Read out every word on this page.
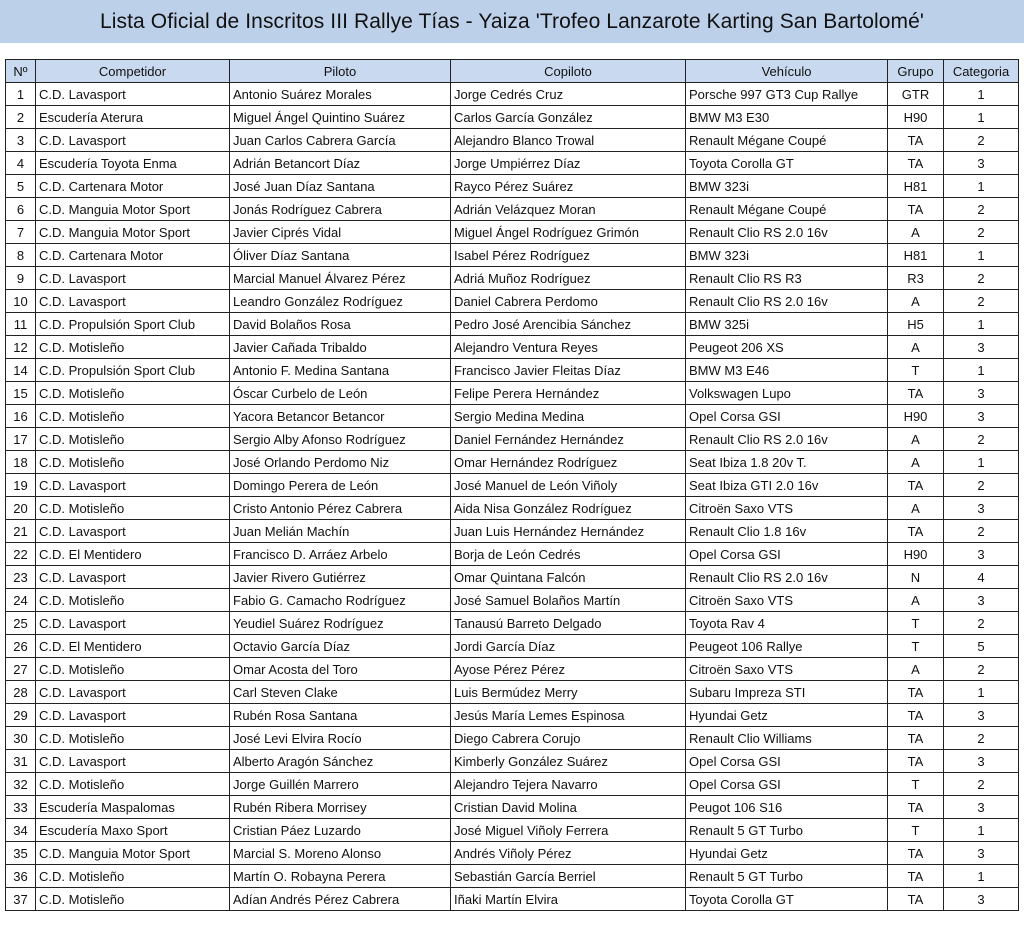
Lista Oficial de Inscritos III Rallye Tías - Yaiza 'Trofeo Lanzarote Karting San Bartolomé'
Nº	Competidor	Piloto	Copiloto	Vehículo	Grupo	Categoria
1	C.D. Lavasport	Antonio Suárez Morales	Jorge Cedrés Cruz	Porsche 997 GT3 Cup Rallye	GTR	1
2	Escudería Aterura	Miguel Ángel Quintino Suárez	Carlos García González	BMW M3 E30	H90	1
3	C.D. Lavasport	Juan Carlos Cabrera García	Alejandro Blanco Trowal	Renault Mégane Coupé	TA	2
4	Escudería Toyota Enma	Adrián Betancort Díaz	Jorge Umpiérrez Díaz	Toyota Corolla GT	TA	3
5	C.D. Cartenara Motor	José Juan Díaz Santana	Rayco Pérez Suárez	BMW 323i	H81	1
6	C.D. Manguia Motor Sport	Jonás Rodríguez Cabrera	Adrián Velázquez Moran	Renault Mégane Coupé	TA	2
7	C.D. Manguia Motor Sport	Javier Ciprés Vidal	Miguel Ángel Rodríguez Grimón	Renault Clio RS 2.0 16v	A	2
8	C.D. Cartenara Motor	Óliver Díaz Santana	Isabel Pérez Rodríguez	BMW 323i	H81	1
9	C.D. Lavasport	Marcial Manuel Álvarez Pérez	Adriá Muñoz Rodríguez	Renault Clio RS R3	R3	2
10	C.D. Lavasport	Leandro González Rodríguez	Daniel Cabrera Perdomo	Renault Clio RS 2.0 16v	A	2
11	C.D. Propulsión Sport Club	David Bolaños Rosa	Pedro José Arencibia Sánchez	BMW 325i	H5	1
12	C.D. Motisleño	Javier Cañada Tribaldo	Alejandro Ventura Reyes	Peugeot 206 XS	A	3
14	C.D. Propulsión Sport Club	Antonio F. Medina Santana	Francisco Javier Fleitas Díaz	BMW M3 E46	T	1
15	C.D. Motisleño	Óscar Curbelo de León	Felipe Perera Hernández	Volkswagen Lupo	TA	3
16	C.D. Motisleño	Yacora Betancor Betancor	Sergio Medina Medina	Opel Corsa GSI	H90	3
17	C.D. Motisleño	Sergio Alby Afonso Rodríguez	Daniel Fernández Hernández	Renault Clio RS 2.0 16v	A	2
18	C.D. Motisleño	José Orlando Perdomo Niz	Omar Hernández Rodríguez	Seat Ibiza 1.8 20v T.	A	1
19	C.D. Lavasport	Domingo Perera de León	José Manuel de León Viñoly	Seat Ibiza GTI 2.0 16v	TA	2
20	C.D. Motisleño	Cristo Antonio Pérez Cabrera	Aida Nisa González Rodríguez	Citroën Saxo VTS	A	3
21	C.D. Lavasport	Juan Melián Machín	Juan Luis Hernández Hernández	Renault Clio 1.8 16v	TA	2
22	C.D. El Mentidero	Francisco D. Arráez Arbelo	Borja de León Cedrés	Opel Corsa GSI	H90	3
23	C.D. Lavasport	Javier Rivero Gutiérrez	Omar Quintana Falcón	Renault Clio RS 2.0 16v	N	4
24	C.D. Motisleño	Fabio G. Camacho Rodríguez	José Samuel Bolaños Martín	Citroën Saxo VTS	A	3
25	C.D. Lavasport	Yeudiel Suárez Rodríguez	Tanausú Barreto Delgado	Toyota Rav 4	T	2
26	C.D. El Mentidero	Octavio García Díaz	Jordi García Díaz	Peugeot 106 Rallye	T	5
27	C.D. Motisleño	Omar Acosta del Toro	Ayose Pérez Pérez	Citroën Saxo VTS	A	2
28	C.D. Lavasport	Carl Steven Clake	Luis Bermúdez Merry	Subaru Impreza STI	TA	1
29	C.D. Lavasport	Rubén Rosa Santana	Jesús María Lemes Espinosa	Hyundai Getz	TA	3
30	C.D. Motisleño	José Levi Elvira Rocío	Diego Cabrera Corujo	Renault Clio Williams	TA	2
31	C.D. Lavasport	Alberto Aragón Sánchez	Kimberly González Suárez	Opel Corsa GSI	TA	3
32	C.D. Motisleño	Jorge Guillén Marrero	Alejandro Tejera Navarro	Opel Corsa GSI	T	2
33	Escudería Maspalomas	Rubén Ribera Morrisey	Cristian David Molina	Peugot 106 S16	TA	3
34	Escudería Maxo Sport	Cristian Páez Luzardo	José Miguel Viñoly Ferrera	Renault 5 GT Turbo	T	1
35	C.D. Manguia Motor Sport	Marcial S. Moreno Alonso	Andrés Viñoly Pérez	Hyundai Getz	TA	3
36	C.D. Motisleño	Martín O. Robayna Perera	Sebastián García Berriel	Renault 5 GT Turbo	TA	1
37	C.D. Motisleño	Adían Andrés Pérez Cabrera	Iñaki Martín Elvira	Toyota Corolla GT	TA	3
